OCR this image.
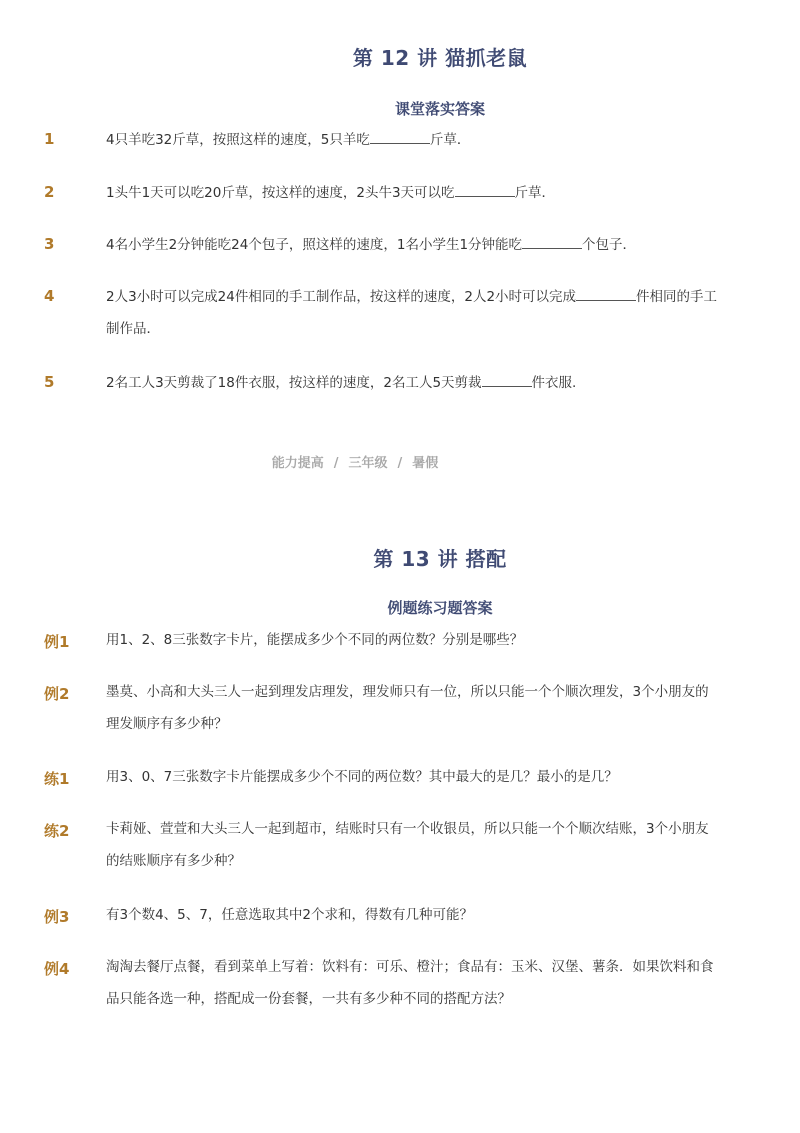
第 12 讲 猫抓老鼠
课堂落实答案
1	4只羊吃32斤草，按照这样的速度，5只羊吃	斤草．
2	1头牛1天可以吃20斤草，按这样的速度，2头牛3天可以吃	斤草．
3	4名小学生2分钟能吃24个包子，照这样的速度，1名小学生1分钟能吃	个包子．
4	2人3小时可以完成24件相同的手工制作品，按这样的速度，2人2小时可以完成	件相同的手工制作品．
5	2名工人3天剪裁了18件衣服，按这样的速度，2名工人5天剪裁	件衣服.
能力提高 / 三年级 / 暑假
第 13 讲 搭配
例题练习题答案
例1	用1、2、8三张数字卡片，能摆成多少个不同的两位数？分别是哪些？
例2	墨莫、小高和大头三人一起到理发店理发，理发师只有一位，所以只能一个个顺次理发，3个小朋友的理发顺序有多少种？
练1	用3、0、7三张数字卡片能摆成多少个不同的两位数？其中最大的是几？最小的是几？
练2	卡莉娅、萱萱和大头三人一起到超市，结账时只有一个收银员，所以只能一个个顺次结账，3个小朋友的结账顺序有多少种？
例3	有3个数4、5、7，任意选取其中2个求和，得数有几种可能？
例4	淘淘去餐厅点餐，看到菜单上写着：饮料有：可乐、橙汁；食品有：玉米、汉堡、薯条．如果饮料和食品只能各选一种，搭配成一份套餐，一共有多少种不同的搭配方法？
